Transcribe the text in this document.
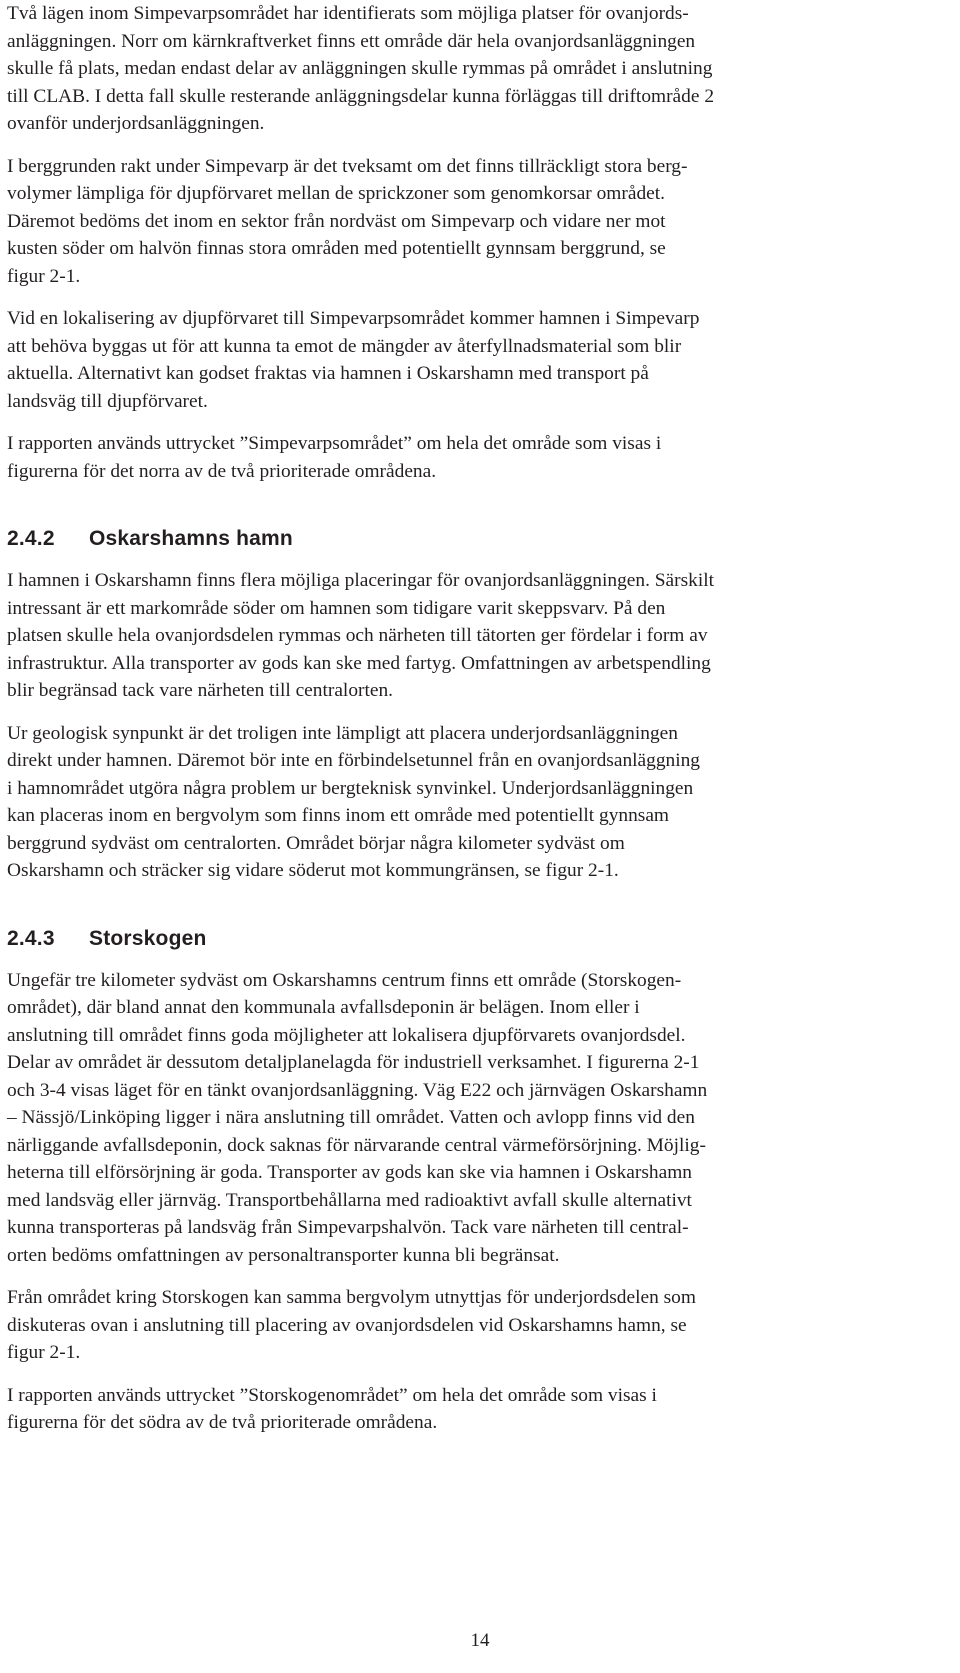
Två lägen inom Simpevarpsområdet har identifierats som möjliga platser för ovanjords-
anläggningen. Norr om kärnkraftverket finns ett område där hela ovanjordsanläggningen
skulle få plats, medan endast delar av anläggningen skulle rymmas på området i anslutning
till CLAB. I detta fall skulle resterande anläggningsdelar kunna förläggas till driftområde 2
ovanför underjordsanläggningen.

I berggrunden rakt under Simpevarp är det tveksamt om det finns tillräckligt stora berg-
volymer lämpliga för djupförvaret mellan de sprickzoner som genomkorsar området.
Däremot bedöms det inom en sektor från nordväst om Simpevarp och vidare ner mot
kusten söder om halvön finnas stora områden med potentiellt gynnsam berggrund, se
figur 2-1.

Vid en lokalisering av djupförvaret till Simpevarpsområdet kommer hamnen i Simpevarp
att behöva byggas ut för att kunna ta emot de mängder av återfyllnadsmaterial som blir
aktuella. Alternativt kan godset fraktas via hamnen i Oskarshamn med transport på
landsväg till djupförvaret.

I rapporten används uttrycket ”Simpevarpsområdet” om hela det område som visas i
figurerna för det norra av de två prioriterade områdena.

2.4.2 Oskarshamns hamn

I hamnen i Oskarshamn finns flera möjliga placeringar för ovanjordsanläggningen. Särskilt
intressant är ett markområde söder om hamnen som tidigare varit skeppsvarv. På den
platsen skulle hela ovanjordsdelen rymmas och närheten till tätorten ger fördelar i form av
infrastruktur. Alla transporter av gods kan ske med fartyg. Omfattningen av arbetspendling
blir begränsad tack vare närheten till centralorten.

Ur geologisk synpunkt är det troligen inte lämpligt att placera underjordsanläggningen
direkt under hamnen. Däremot bör inte en förbindelsetunnel från en ovanjordsanläggning
i hamnområdet utgöra några problem ur bergteknisk synvinkel. Underjordsanläggningen
kan placeras inom en bergvolym som finns inom ett område med potentiellt gynnsam
berggrund sydväst om centralorten. Området börjar några kilometer sydväst om
Oskarshamn och sträcker sig vidare söderut mot kommungränsen, se figur 2-1.

2.4.3 Storskogen

Ungefär tre kilometer sydväst om Oskarshamns centrum finns ett område (Storskogen-
området), där bland annat den kommunala avfallsdeponin är belägen. Inom eller i
anslutning till området finns goda möjligheter att lokalisera djupförvarets ovanjordsdel.
Delar av området är dessutom detaljplanelagda för industriell verksamhet. I figurerna 2-1
och 3-4 visas läget för en tänkt ovanjordsanläggning. Väg E22 och järnvägen Oskarshamn
– Nässjö/Linköping ligger i nära anslutning till området. Vatten och avlopp finns vid den
närliggande avfallsdeponin, dock saknas för närvarande central värmeförsörjning. Möjlig-
heterna till elförsörjning är goda. Transporter av gods kan ske via hamnen i Oskarshamn
med landsväg eller järnväg. Transportbehållarna med radioaktivt avfall skulle alternativt
kunna transporteras på landsväg från Simpevarpshalvön. Tack vare närheten till central-
orten bedöms omfattningen av personaltransporter kunna bli begränsat.

Från området kring Storskogen kan samma bergvolym utnyttjas för underjordsdelen som
diskuteras ovan i anslutning till placering av ovanjordsdelen vid Oskarshamns hamn, se
figur 2-1.

I rapporten används uttrycket ”Storskogenområdet” om hela det område som visas i
figurerna för det södra av de två prioriterade områdena.

14
